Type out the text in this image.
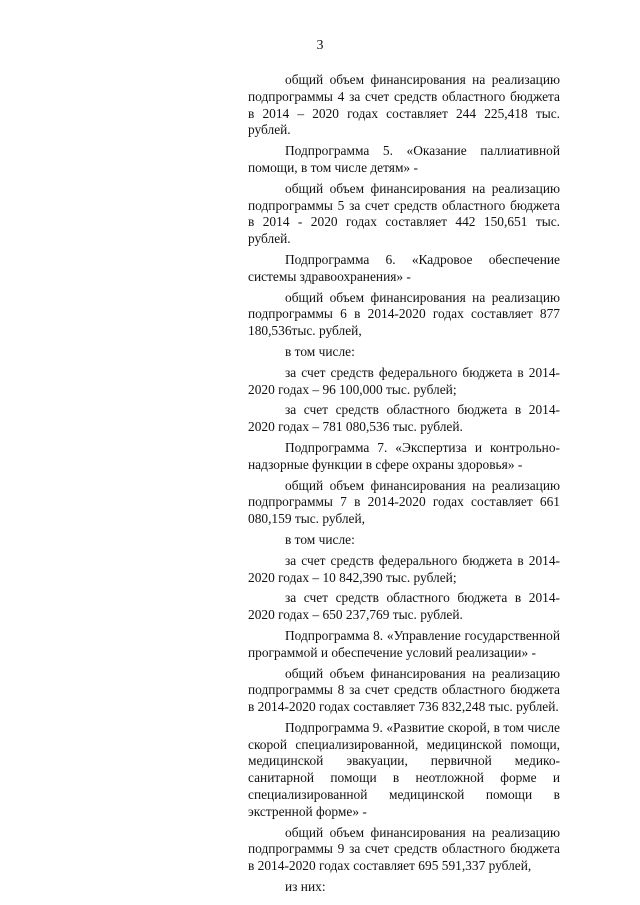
3

общий объем финансирования на реализацию подпрограммы 4 за счет средств областного бюджета в 2014 – 2020 годах составляет 244 225,418 тыс. рублей.

Подпрограмма 5. «Оказание паллиативной помощи, в том числе детям» -

общий объем финансирования на реализацию подпрограммы 5 за счет средств областного бюджета в 2014 - 2020 годах составляет 442 150,651 тыс. рублей.

Подпрограмма 6. «Кадровое обеспечение системы здравоохранения» -

общий объем финансирования на реализацию подпрограммы 6 в 2014-2020 годах составляет 877 180,536тыс. рублей,

в том числе:

за счет средств федерального бюджета в 2014-2020 годах – 96 100,000 тыс. рублей;

за счет средств областного бюджета в 2014-2020 годах – 781 080,536 тыс. рублей.

Подпрограмма 7. «Экспертиза и контрольно-надзорные функции в сфере охраны здоровья» -

общий объем финансирования на реализацию подпрограммы 7 в 2014-2020 годах составляет 661 080,159 тыс. рублей,

в том числе:

за счет средств федерального бюджета в 2014-2020 годах – 10 842,390 тыс. рублей;

за счет средств областного бюджета в 2014-2020 годах – 650 237,769 тыс. рублей.

Подпрограмма 8. «Управление государственной программой и обеспечение условий реализации» -

общий объем финансирования на реализацию подпрограммы 8 за счет средств областного бюджета в 2014-2020 годах составляет 736 832,248 тыс. рублей.

Подпрограмма 9. «Развитие скорой, в том числе скорой специализированной, медицинской помощи, медицинской эвакуации, первичной медико-санитарной помощи в неотложной форме и специализированной медицинской помощи в экстренной форме» -

общий объем финансирования на реализацию подпрограммы 9 за счет средств областного бюджета в 2014-2020 годах составляет 695 591,337 рублей,

из них:
